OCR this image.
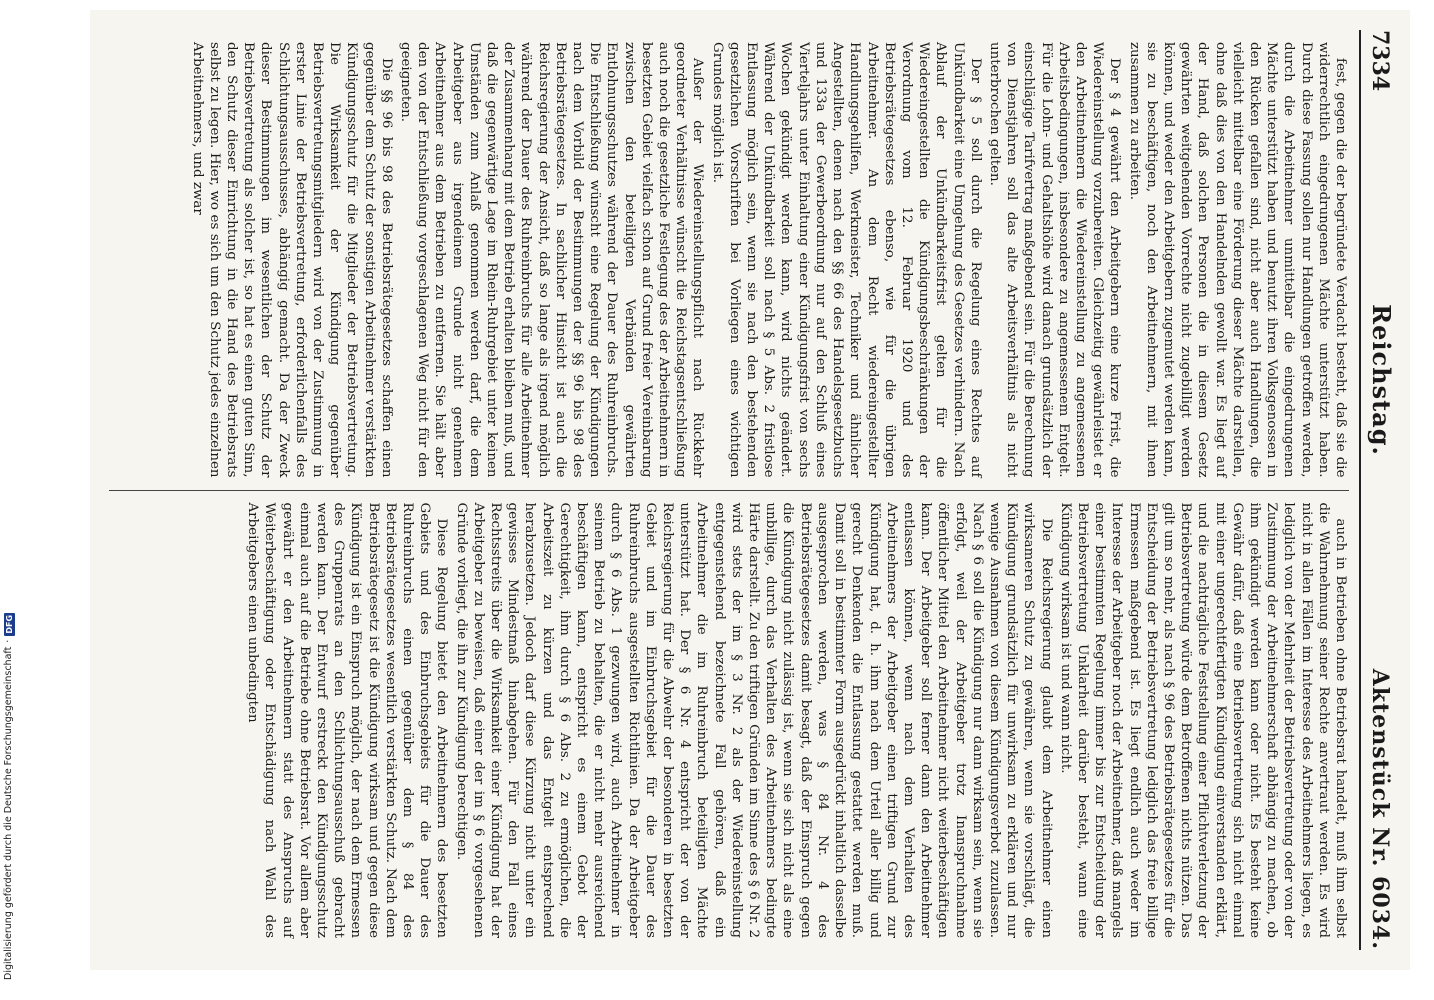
7334
Reichstag.
Aktenstück Nr. 6034.

fest, gegen die der begründete Verdacht besteht, daß sie die widerrechtlich eingedrungenen Mächte unterstützt haben. Durch diese Fassung sollen nur Handlungen getroffen werden, durch die Arbeitnehmer unmittelbar die eingedrungenen Mächte unterstützt haben und benutzt ihren Volksgenossen in den Rücken gefallen sind, nicht aber auch Handlungen, die vielleicht mittelbar eine Förderung dieser Mächte darstellen, ohne daß dies von den Handelnden gewollt war. Es liegt auf der Hand, daß solchen Personen die in diesem Gesetz gewährten weitgehenden Vorrechte nicht zugebilligt werden können, und weder den Arbeitgebern zugemutet werden kann, sie zu beschäftigen, noch den Arbeitnehmern, mit ihnen zusammen zu arbeiten.

Der § 4 gewährt den Arbeitgebern eine kurze Frist, die Wiedereinstellung vorzubereiten. Gleichzeitig gewährleistet er den Arbeitnehmern die Wiedereinstellung zu angemessenen Arbeitsbedingungen, insbesondere zu angemessenem Entgelt. Für die Lohn- und Gehaltshöhe wird danach grundsätzlich der einschlägige Tarifvertrag maßgebend sein. Für die Berechnung von Dienstjahren soll das alte Arbeitsverhältnis als nicht unterbrochen gelten.

Der § 5 soll durch die Regelung eines Rechtes auf Unkündbarkeit eine Umgehung des Gesetzes verhindern. Nach Ablauf der Unkündbarkeitsfrist gelten für die Wiedereingestellten die Kündigungsbeschränkungen der Verordnung vom 12. Februar 1920 und des Betriebsrätegesetzes ebenso, wie für die übrigen Arbeitnehmer. An dem Recht wiedereingestellter Handlungsgehilfen, Werkmeister, Techniker und ähnlicher Angestellten, denen nach den §§ 66 des Handelsgesetzbuchs und 133a der Gewerbeordnung nur auf den Schluß eines Vierteljahrs unter Einhaltung einer Kündigungsfrist von sechs Wochen gekündigt werden kann, wird nichts geändert. Während der Unkündbarkeit soll nach § 5 Abs. 2 fristlose Entlassung möglich sein, wenn sie nach den bestehenden gesetzlichen Vorschriften bei Vorliegen eines wichtigen Grundes möglich ist.

Außer der Wiedereinstellungspflicht nach Rückkehr geordneter Verhältnisse wünscht die Reichstagsentschließung auch noch die gesetzliche Festlegung des der Arbeitnehmern in besetzten Gebiet vielfach schon auf Grund freier Vereinbarung zwischen den beteiligten Verbänden gewährten Entlohnungsschutzes während der Dauer des Ruhreinbruchs. Die Entschließung wünscht eine Regelung der Kündigungen nach dem Vorbild der Bestimmungen der §§ 96 bis 98 des Betriebsrätegesetzes. In sachlicher Hinsicht ist auch die Reichsregierung der Ansicht, daß so lange als irgend möglich während der Dauer des Ruhreinbruchs für alle Arbeitnehmer der Zusammenhang mit dem Betrieb erhalten bleiben muß, und daß die gegenwärtige Lage im Rhein-Ruhrgebiet unter keinen Umständen zum Anlaß genommen werden darf, die dem Arbeitgeber aus irgendeinem Grunde nicht genehmen Arbeitnehmer aus dem Betrieben zu entfernen. Sie hält aber den von der Entschließung vorgeschlagenen Weg nicht für den geeigneten.

Die §§ 96 bis 98 des Betriebsrätegesetzes schaffen einen gegenüber dem Schutz der sonstigen Arbeitnehmer verstärkten Kündigungsschutz für die Mitglieder der Betriebsvertretung. Die Wirksamkeit der Kündigung gegenüber Betriebsvertretungsmitgliedern wird von der Zustimmung in erster Linie der Betriebsvertretung, erforderlichenfalls des Schlichtungsausschusses, abhängig gemacht. Da der Zweck dieser Bestimmungen im wesentlichen der Schutz der Betriebsvertretung als solcher ist, so hat es einen guten Sinn, den Schutz dieser Einrichtung in die Hand des Betriebsrats selbst zu legen. Hier, wo es sich um den Schutz jedes einzelnen Arbeitnehmers, und zwar

auch in Betrieben ohne Betriebsrat handelt, muß ihm selbst die Wahrnehmung seiner Rechte anvertraut werden. Es wird nicht in allen Fällen im Interesse des Arbeitnehmers liegen, es lediglich von der Mehrheit der Betriebsvertretung oder von der Zustimmung der Arbeitnehmerschaft abhängig zu machen, ob ihm gekündigt werden kann oder nicht. Es besteht keine Gewähr dafür, daß eine Betriebsvertretung sich nicht einmal mit einer ungerechtfertigten Kündigung einverstanden erklärt, und die nachträgliche Feststellung einer Pflichtverletzung der Betriebsvertretung würde dem Betroffenen nichts nützen. Das gilt um so mehr, als nach § 96 des Betriebsrätegesetzes für die Entscheidung der Betriebsvertretung lediglich das freie billige Ermessen maßgebend ist. Es liegt endlich auch weder im Interesse der Arbeitgeber noch der Arbeitnehmer, daß mangels einer bestimmten Regelung immer bis zur Entscheidung der Betriebsvertretung Unklarheit darüber besteht, wann eine Kündigung wirksam ist und wann nicht.

Die Reichsregierung glaubt dem Arbeitnehmer einen wirksameren Schutz zu gewähren, wenn sie vorschlägt, die Kündigung grundsätzlich für unwirksam zu erklären und nur wenige Ausnahmen von diesem Kündigungsverbot zuzulassen. Nach § 6 soll die Kündigung nur dann wirksam sein, wenn sie erfolgt, weil der Arbeitgeber trotz Inanspruchnahme öffentlicher Mittel den Arbeitnehmer nicht weiterbeschäftigen kann. Der Arbeitgeber soll ferner dann den Arbeitnehmer entlassen können, wenn nach dem Verhalten des Arbeitnehmers der Arbeitgeber einen triftigen Grund zur Kündigung hat, d. h. ihm nach dem Urteil aller billig und gerecht Denkenden die Entlassung gestattet werden muß. Damit soll in bestimmter Form ausgedrückt inhaltlich dasselbe ausgesprochen werden, was § 84 Nr. 4 des Betriebsrätegesetzes damit besagt, daß der Einspruch gegen die Kündigung nicht zulässig ist, wenn sie sich nicht als eine unbillige, durch das Verhalten des Arbeitnehmers bedingte Härte darstellt. Zu den triftigen Gründen im Sinne des § 6 Nr. 2 wird stets der im § 3 Nr. 2 als der Wiedereinstellung entgegenstehend bezeichnete Fall gehören, daß ein Arbeitnehmer die im Ruhreinbruch beteiligten Mächte unterstützt hat. Der § 6 Nr. 4 entspricht der von der Reichsregierung für die Abwehr der besonderen in besetzten Gebiet und im Einbruchsgebiet für die Dauer des Ruhreinbruchs ausgestellten Richtlinien. Da der Arbeitgeber durch § 6 Abs. 1 gezwungen wird, auch Arbeitnehmer in seinem Betrieb zu behalten, die er nicht mehr ausreichend beschäftigen kann, entspricht es einem Gebot der Gerechtigkeit, ihm durch § 6 Abs. 2 zu ermöglichen, die Arbeitszeit zu kürzen und das Entgelt entsprechend herabzusetzen. Jedoch darf diese Kürzung nicht unter ein gewisses Mindestmaß hinabgehen. Für den Fall eines Rechtsstreits über die Wirksamkeit einer Kündigung hat der Arbeitgeber zu beweisen, daß einer der im § 6 vorgesehenen Gründe vorliegt, die ihn zur Kündigung berechtigen.

Diese Regelung bietet den Arbeitnehmern des besetzten Gebiets und des Einbruchsgebiets für die Dauer des Ruhreinbruchs einen gegenüber dem § 84 des Betriebsrätegesetzes wesentlich verstärkten Schutz. Nach dem Betriebsrätegesetz ist die Kündigung wirksam und gegen diese Kündigung ist ein Einspruch möglich, der nach dem Ermessen des Gruppenrats an den Schlichtungsausschuß gebracht werden kann. Der Entwurf erstreckt den Kündigungsschutz einmal auch auf die Betriebe ohne Betriebsrat. Vor allem aber gewährt er den Arbeitnehmern statt des Anspruchs auf Weiterbeschäftigung oder Entschädigung nach Wahl des Arbeitgebers einen unbedingten

Digitalisierung gefördert durch die Deutsche Forschungsgemeinschaft
·
DFG
